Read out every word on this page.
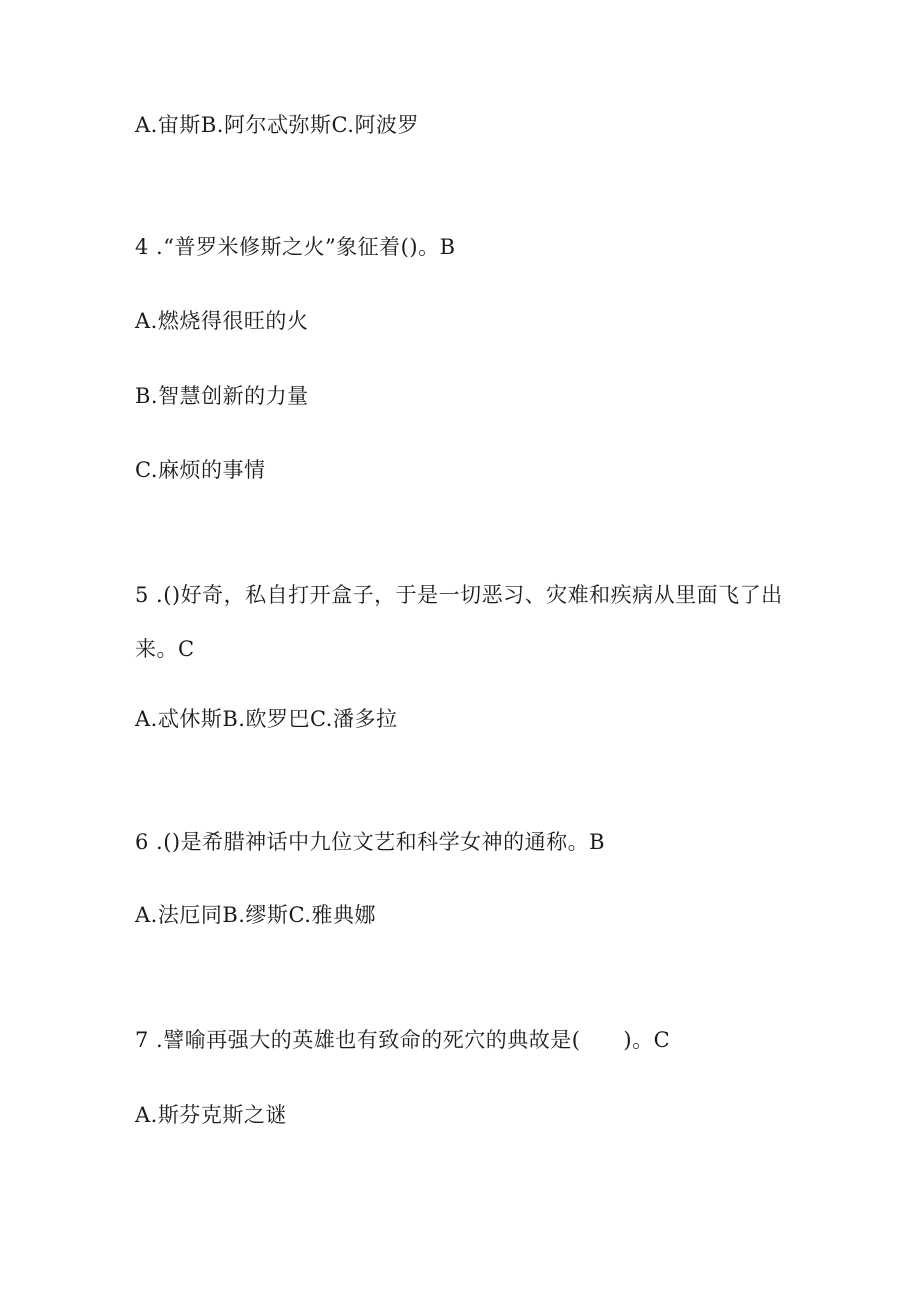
A.宙斯B.阿尔忒弥斯C.阿波罗
4 .“普罗米修斯之火”象征着()。B
A.燃烧得很旺的火
B.智慧创新的力量
C.麻烦的事情
5 .()好奇，私自打开盒子，于是一切恶习、灾难和疾病从里面飞了出来。C
A.忒休斯B.欧罗巴C.潘多拉
6 .()是希腊神话中九位文艺和科学女神的通称。B
A.法厄同B.缪斯C.雅典娜
7 .譬喻再强大的英雄也有致命的死穴的典故是(　　)。C
A.斯芬克斯之谜
